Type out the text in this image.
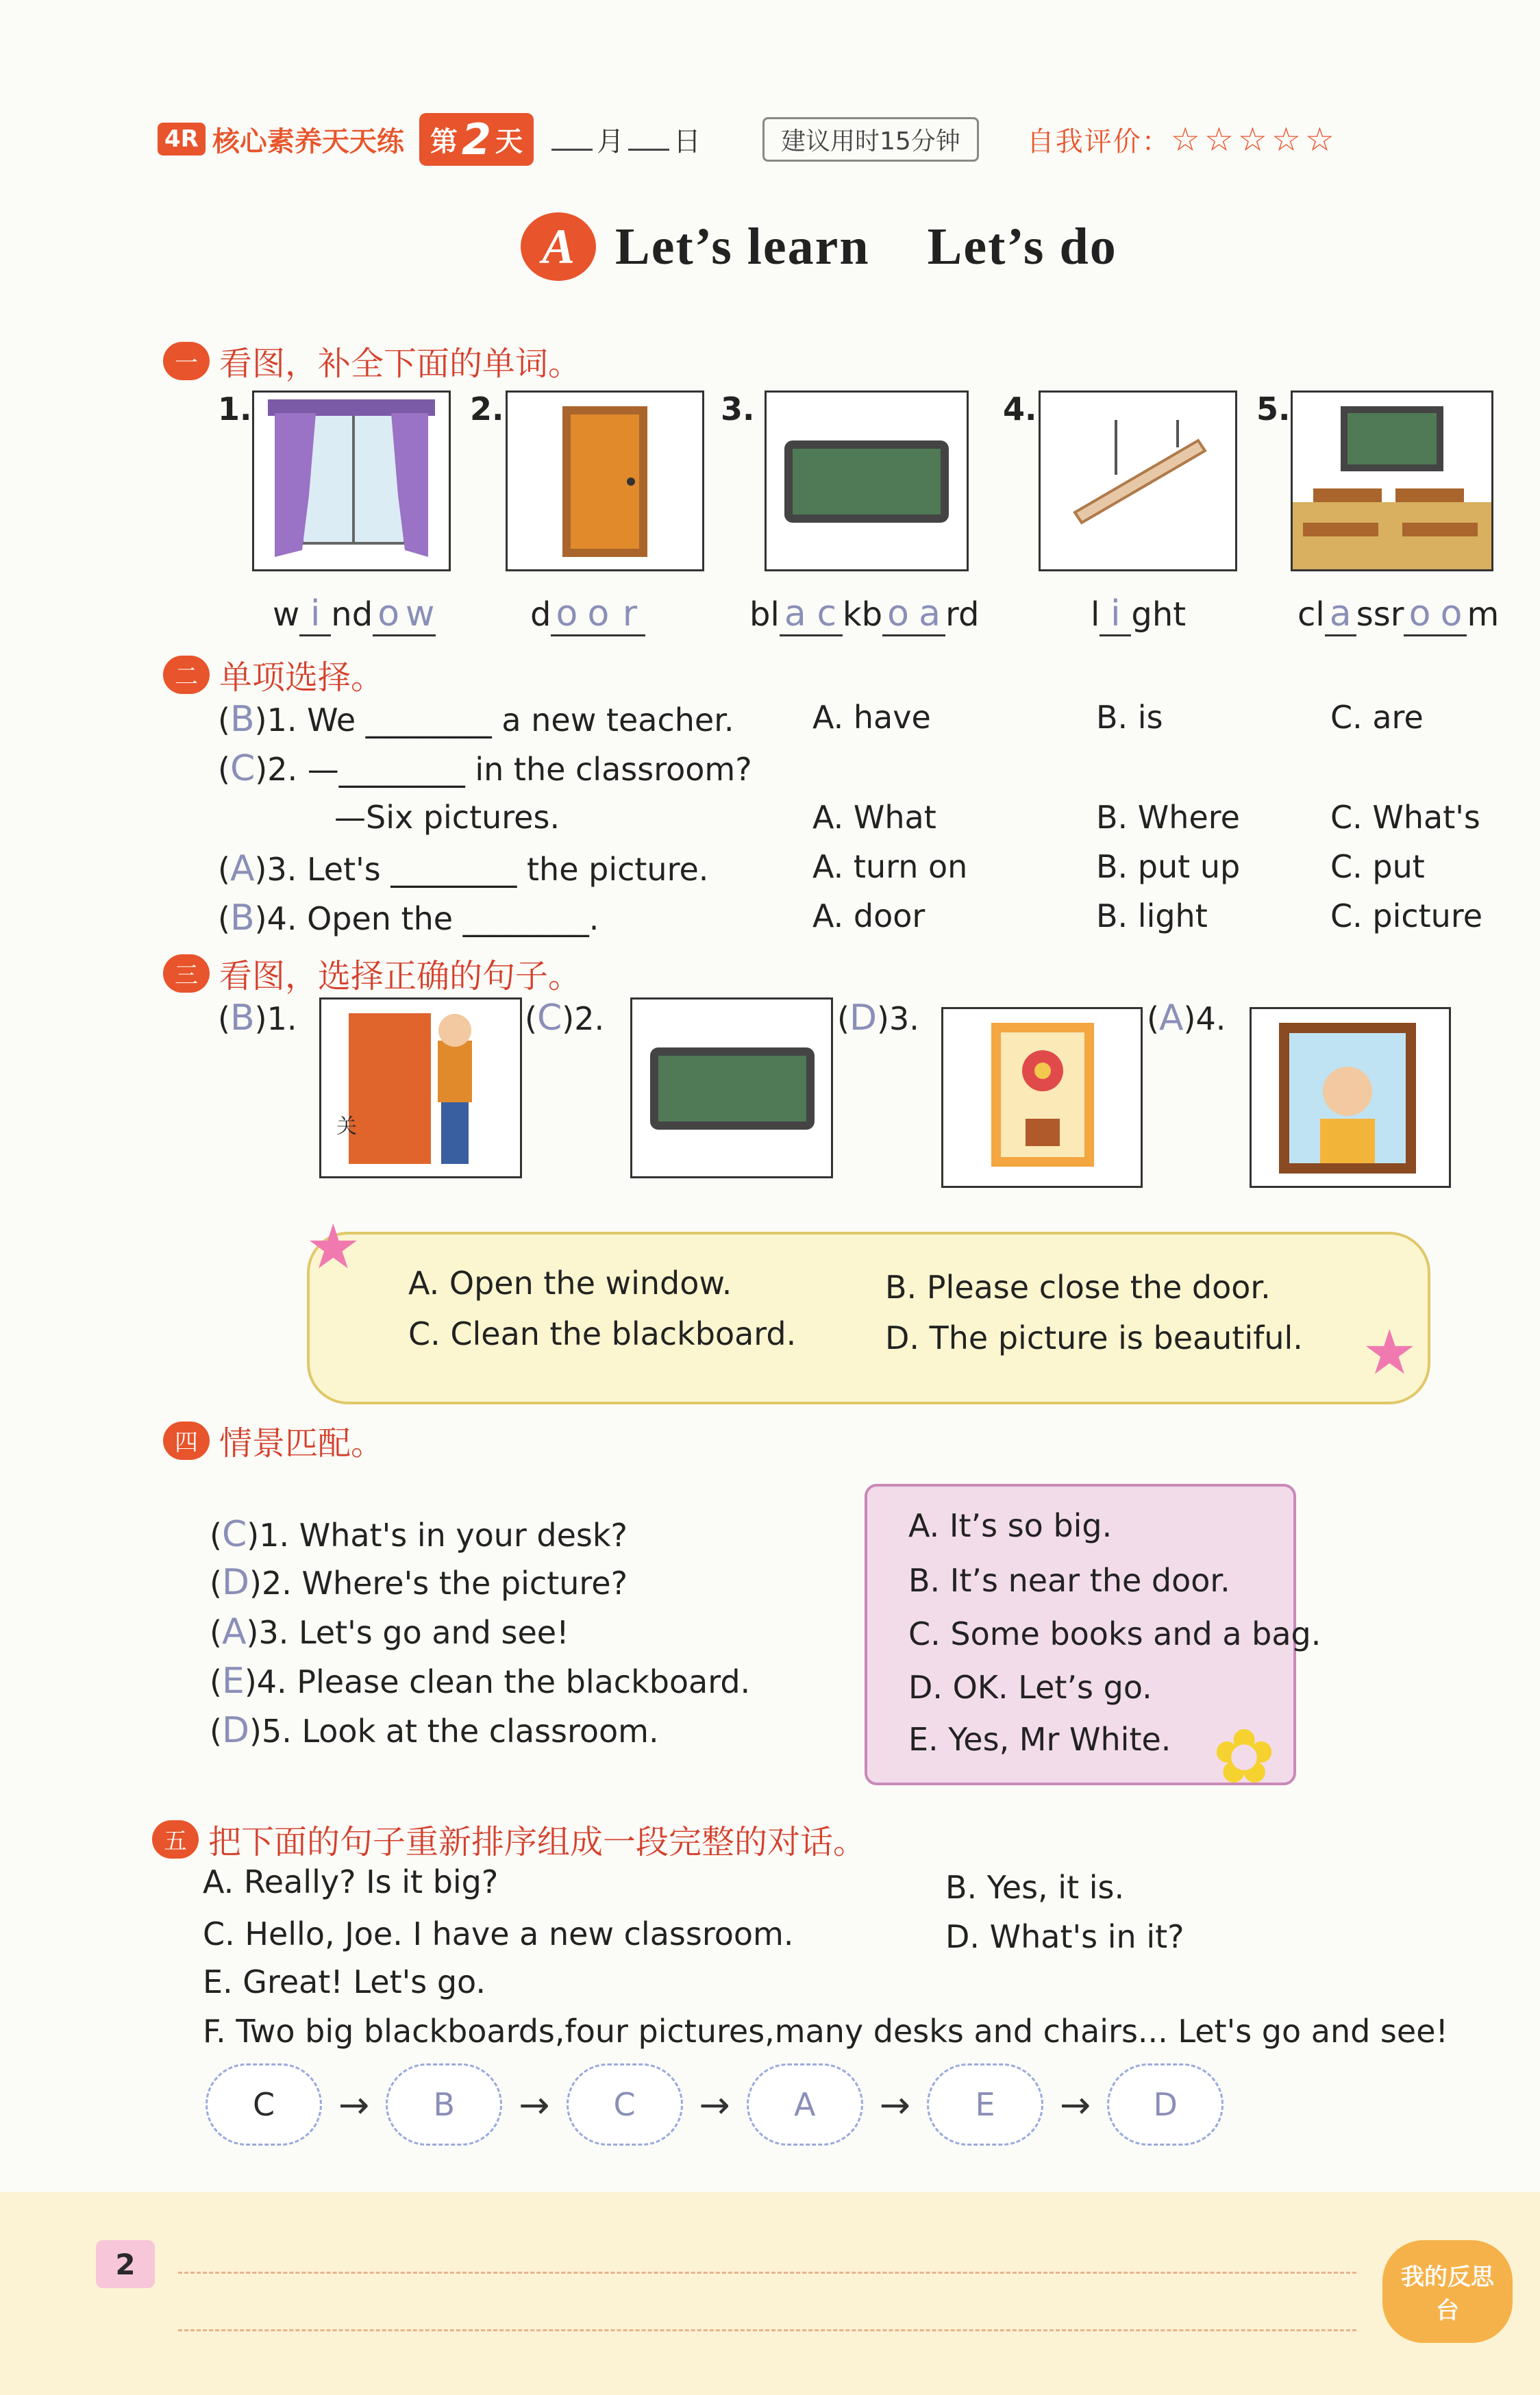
4R 核心素养天天练 第 2 天	月 日	建议用时15分钟	自我评价：☆☆☆☆☆
A Let’s learn    Let’s do
一 看图，补全下面的单词。
1.	2.	3.	4.	5.
w i nd o w	d o o r	bl a c kb o a rd	l i ght	cl a ssr o o m
二 单项选择。
(B)1. We ________ a new teacher. A. have	B. is	C. are
(C)2. —________ in the classroom?
—Six pictures.	A. What	B. Where	C. What's
(A)3. Let's ________ the picture.	A. turn on	B. put up	C. put
(B)4. Open the ________.	A. door	B. light	C. picture
三 看图，选择正确的句子。
(B)1.
关
(C)2.	(D)3.	(A)4.
★
★
A. Open the window.	B. Please close the door.
C. Clean the blackboard.	D. The picture is beautiful.
四 情景匹配。
(C)1. What's in your desk?
(D)2. Where's the picture?
(A)3. Let's go and see!
(E)4. Please clean the blackboard.
(D)5. Look at the classroom.
A. It’s so big.
B. It’s near the door.
C. Some books and a bag.
D. OK. Let’s go.
E. Yes, Mr White. ✿
五 把下面的句子重新排序组成一段完整的对话。
A. Really? Is it big?	B. Yes, it is.
C. Hello, Joe. I have a new classroom.	D. What's in it?
E. Great! Let's go.
F. Two big blackboards,four pictures,many desks and chairs... Let's go and see!
C	→	B	→	C	→	A	→	E	→	D
2	我的反思台
